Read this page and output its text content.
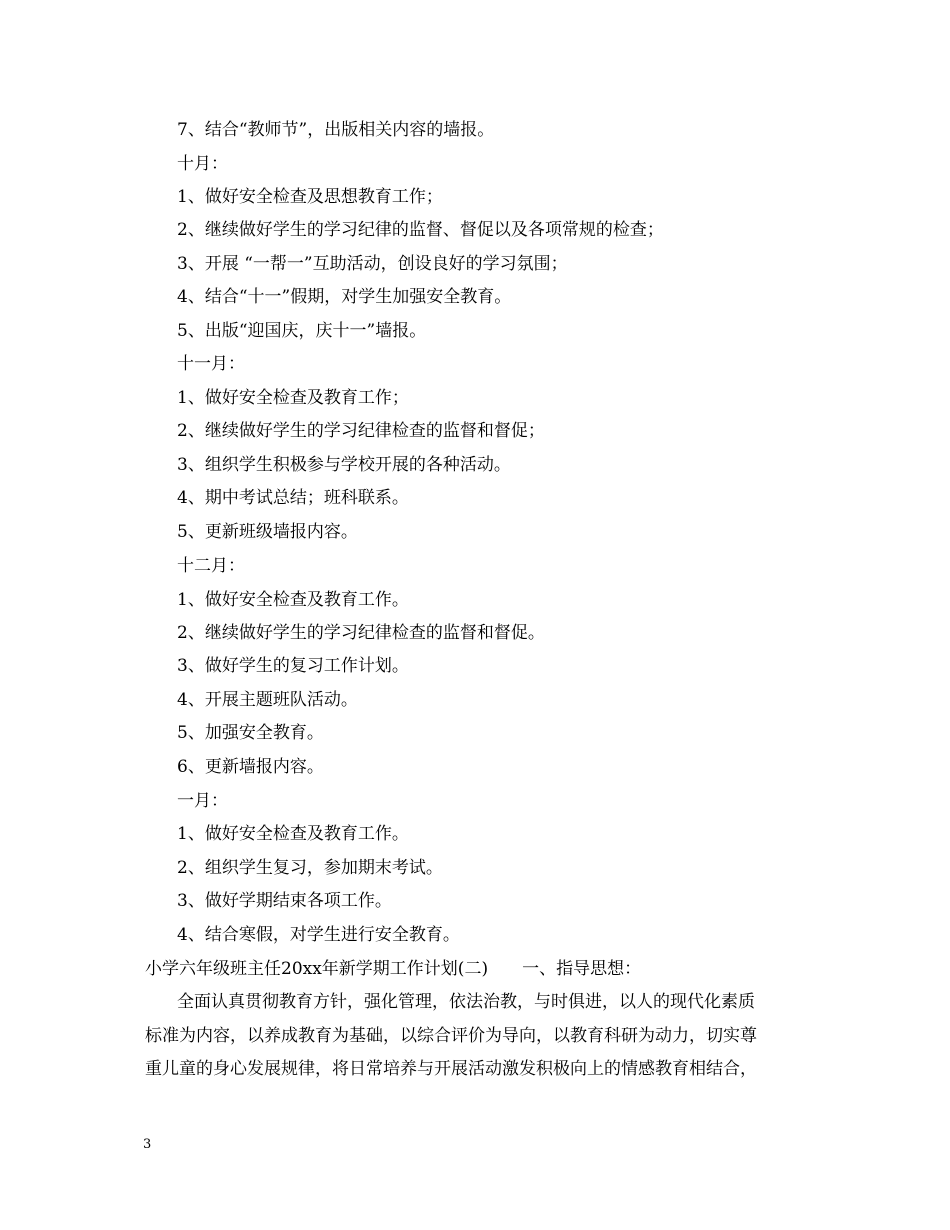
7、结合“教师节”，出版相关内容的墙报。
十月：
1、做好安全检查及思想教育工作；
2、继续做好学生的学习纪律的监督、督促以及各项常规的检查；
3、开展 “一帮一”互助活动，创设良好的学习氛围；
4、结合“十一”假期，对学生加强安全教育。
5、出版“迎国庆，庆十一”墙报。
十一月：
1、做好安全检查及教育工作；
2、继续做好学生的学习纪律检查的监督和督促；
3、组织学生积极参与学校开展的各种活动。
4、期中考试总结；班科联系。
5、更新班级墙报内容。
十二月：
1、做好安全检查及教育工作。
2、继续做好学生的学习纪律检查的监督和督促。
3、做好学生的复习工作计划。
4、开展主题班队活动。
5、加强安全教育。
6、更新墙报内容。
一月：
1、做好安全检查及教育工作。
2、组织学生复习，参加期末考试。
3、做好学期结束各项工作。
4、结合寒假，对学生进行安全教育。
小学六年级班主任20xx年新学期工作计划(二)　　一、指导思想：
全面认真贯彻教育方针，强化管理，依法治教，与时俱进，以人的现代化素质
标准为内容，以养成教育为基础，以综合评价为导向，以教育科研为动力，切实尊
重儿童的身心发展规律，将日常培养与开展活动激发积极向上的情感教育相结合，
3
